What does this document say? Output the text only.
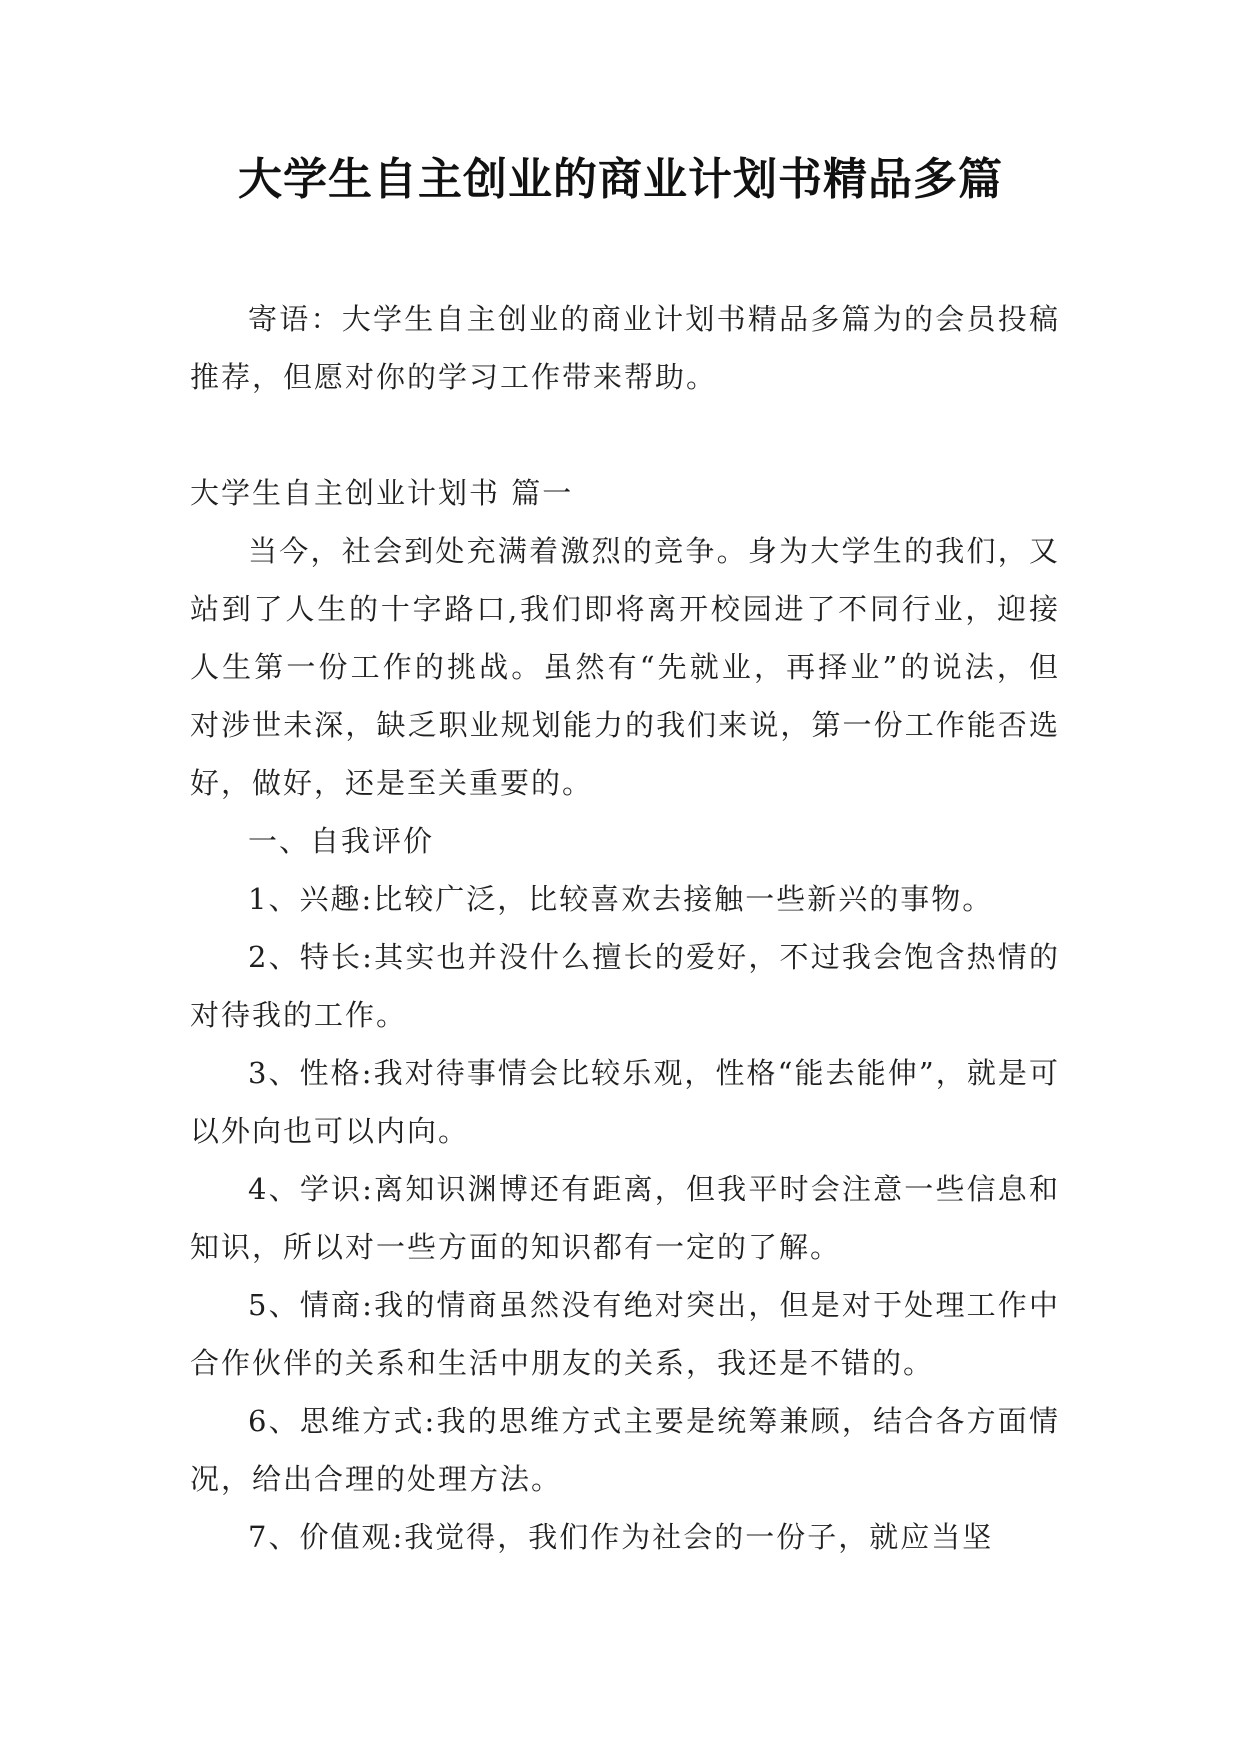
大学生自主创业的商业计划书精品多篇

寄语：大学生自主创业的商业计划书精品多篇为的会员投稿推荐，但愿对你的学习工作带来帮助。

大学生自主创业计划书 篇一

当今，社会到处充满着激烈的竞争。身为大学生的我们，又站到了人生的十字路口,我们即将离开校园进了不同行业，迎接人生第一份工作的挑战。虽然有“先就业，再择业”的说法，但对涉世未深，缺乏职业规划能力的我们来说，第一份工作能否选好，做好，还是至关重要的。

一、自我评价

1、兴趣:比较广泛，比较喜欢去接触一些新兴的事物。

2、特长:其实也并没什么擅长的爱好，不过我会饱含热情的对待我的工作。

3、性格:我对待事情会比较乐观，性格“能去能伸”，就是可以外向也可以内向。

4、学识:离知识渊博还有距离，但我平时会注意一些信息和知识，所以对一些方面的知识都有一定的了解。

5、情商:我的情商虽然没有绝对突出，但是对于处理工作中合作伙伴的关系和生活中朋友的关系，我还是不错的。

6、思维方式:我的思维方式主要是统筹兼顾，结合各方面情况，给出合理的处理方法。

7、价值观:我觉得，我们作为社会的一份子，就应当坚
